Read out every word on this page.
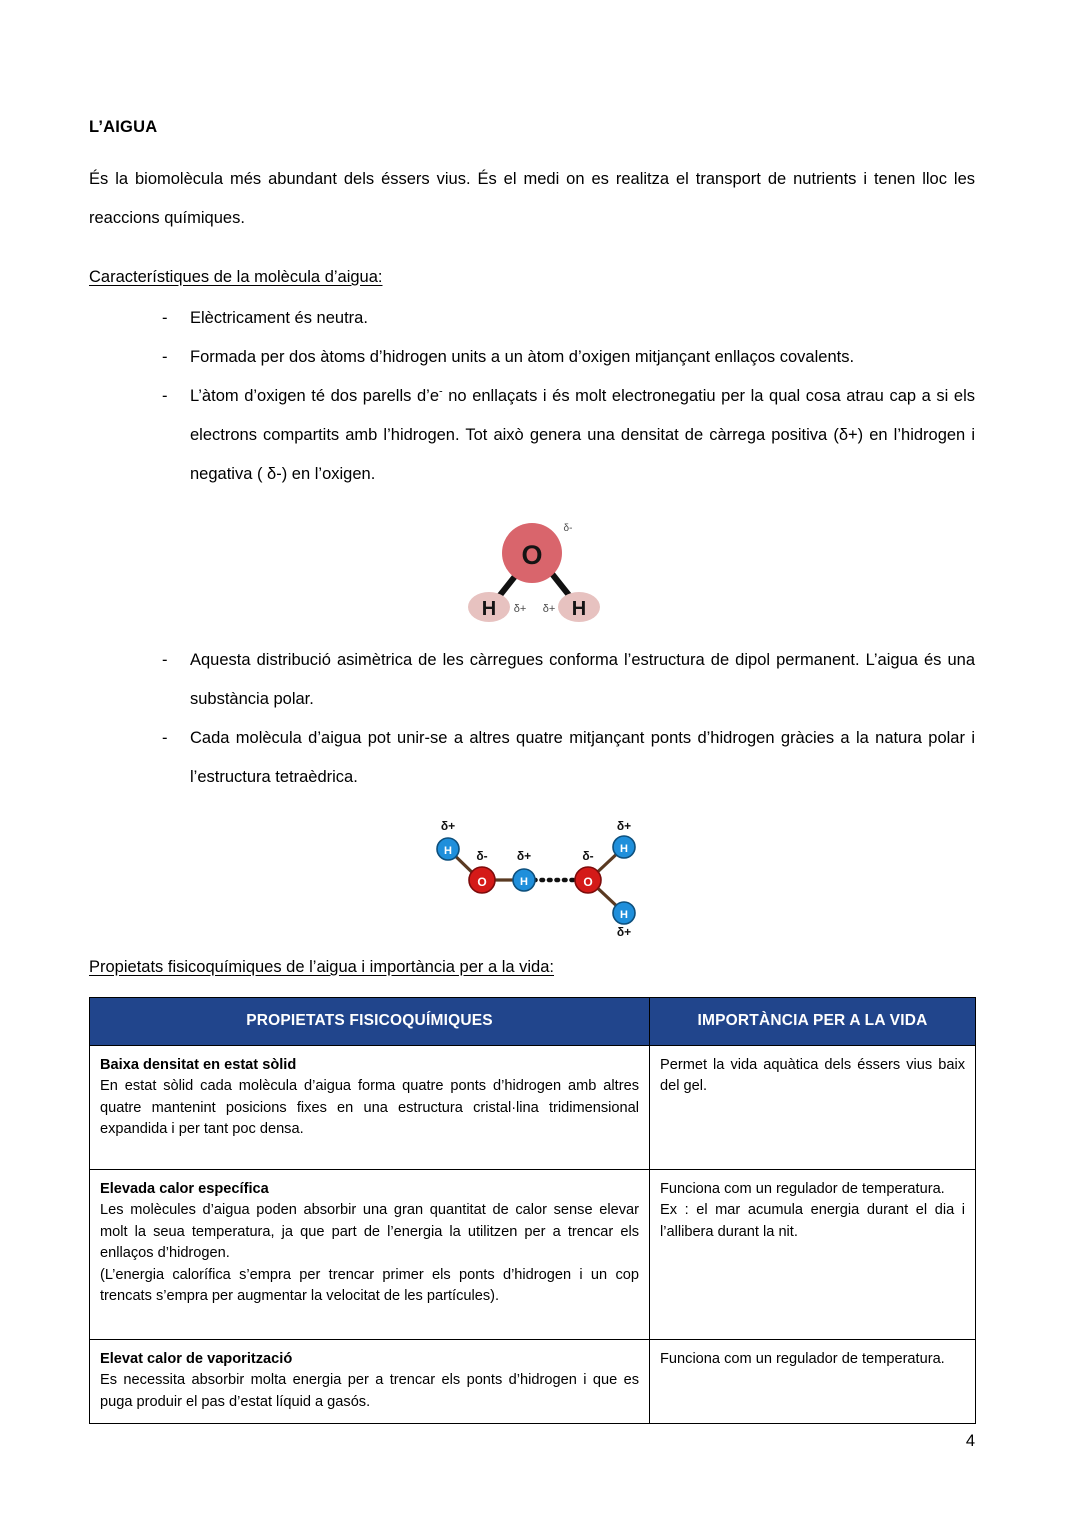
L’AIGUA

És la biomolècula més abundant dels éssers vius. És el medi on es realitza el transport de nutrients i tenen lloc les reaccions químiques.

Característiques de la molècula d’aigua:

- Elèctricament és neutra.
- Formada per dos àtoms d’hidrogen units a un àtom d’oxigen mitjançant enllaços covalents.
- L’àtom d’oxigen té dos parells d’e- no enllaçats i és molt electronegatiu per la qual cosa atrau cap a si els electrons compartits amb l’hidrogen. Tot això genera una densitat de càrrega positiva (δ+) en l’hidrogen i negativa ( δ-) en l’oxigen.
O
H	H
δ-
δ+ δ+
- Aquesta distribució asimètrica de les càrregues conforma l’estructura de dipol permanent. L’aigua és una substància polar.
- Cada molècula d’aigua pot unir-se a altres quatre mitjançant ponts d’hidrogen gràcies a la natura polar i l’estructura tetraèdrica.
H
O	H	O
H
H
δ+
δ- δ+	δ-
δ+
δ+

Propietats fisicoquímiques de l’aigua i importància per a la vida:

PROPIETATS FISICOQUÍMIQUES	IMPORTÀNCIA PER A LA VIDA

Baixa densitat en estat sòlid
En estat sòlid cada molècula d’aigua forma quatre ponts d’hidrogen amb altres quatre mantenint posicions fixes en una estructura cristal·lina tridimensional expandida i per tant poc densa.	Permet la vida aquàtica dels éssers vius baix del gel.

Elevada calor específica
Les molècules d’aigua poden absorbir una gran quantitat de calor sense elevar molt la seua temperatura, ja que part de l’energia la utilitzen per a trencar els enllaços d’hidrogen.
(L’energia calorífica s’empra per trencar primer els ponts d’hidrogen i un cop trencats s’empra per augmentar la velocitat de les partícules).	Funciona com un regulador de temperatura.
Ex : el mar acumula energia durant el dia i l’allibera durant la nit.

Elevat calor de vaporització
Es necessita absorbir molta energia per a trencar els ponts d’hidrogen i que es puga produir el pas d’estat líquid a gasós.	Funciona com un regulador de temperatura.
4
